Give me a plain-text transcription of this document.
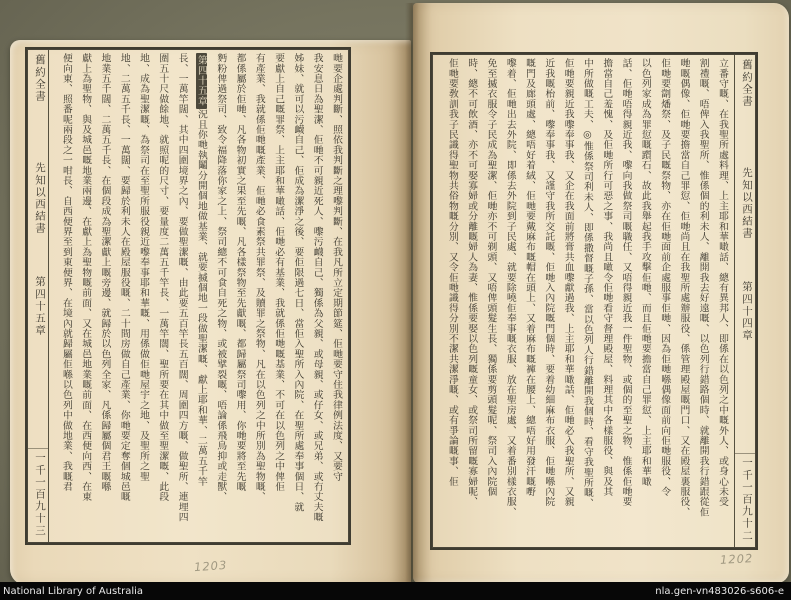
舊約全書
先知以西結書
第四十五章
一千一百九十三
哋要企處判斷、照依我判斷之理嚟判斷、在我凡所立定期節筵、佢哋要守住我律例法度、又要守
我安息日為聖潔、佢哋不可親近死人、嚟污衊自己、獨係為父親、或母親、或仔女、或兄弟、或冇丈夫嘅
姊妹、就可以污衊自己、佢成為潔淨之後、要佢限過七日、當佢入聖所入內院、在聖所處奉事個日、就
要獻上自己嘅罪祭、上主耶和華噉話、佢哋必有基業、我就係佢哋嘅基業、不可在以色列之中俾佢
有產業、我就係佢哋嘅產業、佢哋必食素祭共罪祭、及贖罪之祭物、凡在以色列之中所別為聖物嘅、
都係屬於佢哋、凡各物初實之果至先嘅、凡各樣祭物至先獻嘅、都歸屬祭司嚟用、你哋要將至先嘅
麪粉俾過祭司、致令福降落你家之上、祭司總不可食自死之物、或被擘裂嘅、唔論係飛鳥抑或走獸、
第四十五章況且你哋執鬮分開個地做基業、就要搣個地一段做聖潔嘅、獻上耶和華、二萬五千竿
長、一萬竿闊、其中四圍境界之內、要做聖潔嘅、由此要五百竿長五百闊、周圍四方嘅、做聖所、連埋四
圍五十尺做餘地、就照呢的尺寸、要量度二萬五千竿長、一萬竿闊、聖所要在其中做至聖潔嘅、此段
地、成為聖潔嘅、為祭司在至聖所服役親近嚟奉事耶和華嘅、用係做佢哋屋宇之地、及聖所之聖
地、二萬五千長、一萬闊、要歸於利未人在殿屋服役嘅、二十間房做自己產業、你哋要定奪個城邑嘅
地業五千闊、二萬五千長、在個段成為聖潔獻上嘅旁邊、就歸於以色列全家、凡係歸屬個君王嘅喺
獻上為聖物、與及城邑嘅地業兩邊、在獻上為聖物嘅前面、又在城邑地業嘅前面、在西便向西、在東
便向東、照番呢兩段之一咁長、自西便界至到東便界、在境內就歸屬佢喺以色列中做地業、我嘅君	立番守嘅、在我聖所處料理、上主耶和華噉話、總有異邦人、即係在以色列之中嘅外人、或身心未受
割禮嘅、唔俾入我聖所、惟係個的利未人、離開我去好遠嘅、以色列行錯路個時、就離開我行錯跟從佢
哋嘅偶像、佢哋要擔當自己罪愆、佢哋尚且在我聖所處辦服役、係管理殿屋嘅門口、又在殿屋裏服役、
佢哋要劏燔祭、及子民嘅祭物、亦在佢哋面前企處服事佢哋、因為佢哋喺偶像面前向佢哋服役、令
以色列家成為罪愆嘅躓石、故此我舉起我手攻擊佢哋、而且佢哋要擔當自己罪愆、上主耶和華噉
話、佢哋唔得親近我、嚟向我做祭司嘅職任、又唔得親近我一件聖物、或個的至聖之物、惟係佢哋要
擔當自己羞愧、及佢哋所行可惡之事、我尚且噉令佢哋看守督理殿屋、料理其中各樣服役、與及其
中所做嘅工夫、◎惟係祭司利未人、即係撒督嘅子孫、當以色列人行錯離開我個時、看守我聖所嘅、
佢哋要親近我嚟奉事我、又企在我面前將膏共血嚟獻過我、上主耶和華噉話、佢哋必入我聖所、又親
近我嘅枱前、嚟奉事我、又謹守我所交託嘅、佢哋入內院嘅門個時、要着幼細麻布衣服、佢哋喺內院
嘅門及廊頭處、總唔好着絨、佢哋要戴麻布嘅帽在頭上、又着麻布嘅褲在腰上、總唔好用發汗嘅嘢
嚟着、佢哋出去外院、即係去外院到子民處、就要除嘵佢奉事嘅衣服、放在聖房處、又着番別樣衣服、
免至搣衣服令子民成為聖潔、佢哋亦不可剃頭、又唔俾頭髮生長、獨係要剪頭髮呢、祭司入內院個
時、總不可飲酒、亦不可娶寡婦或分離嘅婦人為妻、惟係要娶以色列嘅童女、或祭司所留嘅寡婦呢、
佢哋要敎訓我子民識得聖物共俗物嘅分別、又令佢哋識得分別不潔共潔淨嘅、或有爭論嘅事、佢	舊約全書
先知以西結書
第四十四章
一千一百九十二
1203	1202
National Library of Australia	nla.gen-vn483026-s606-e
